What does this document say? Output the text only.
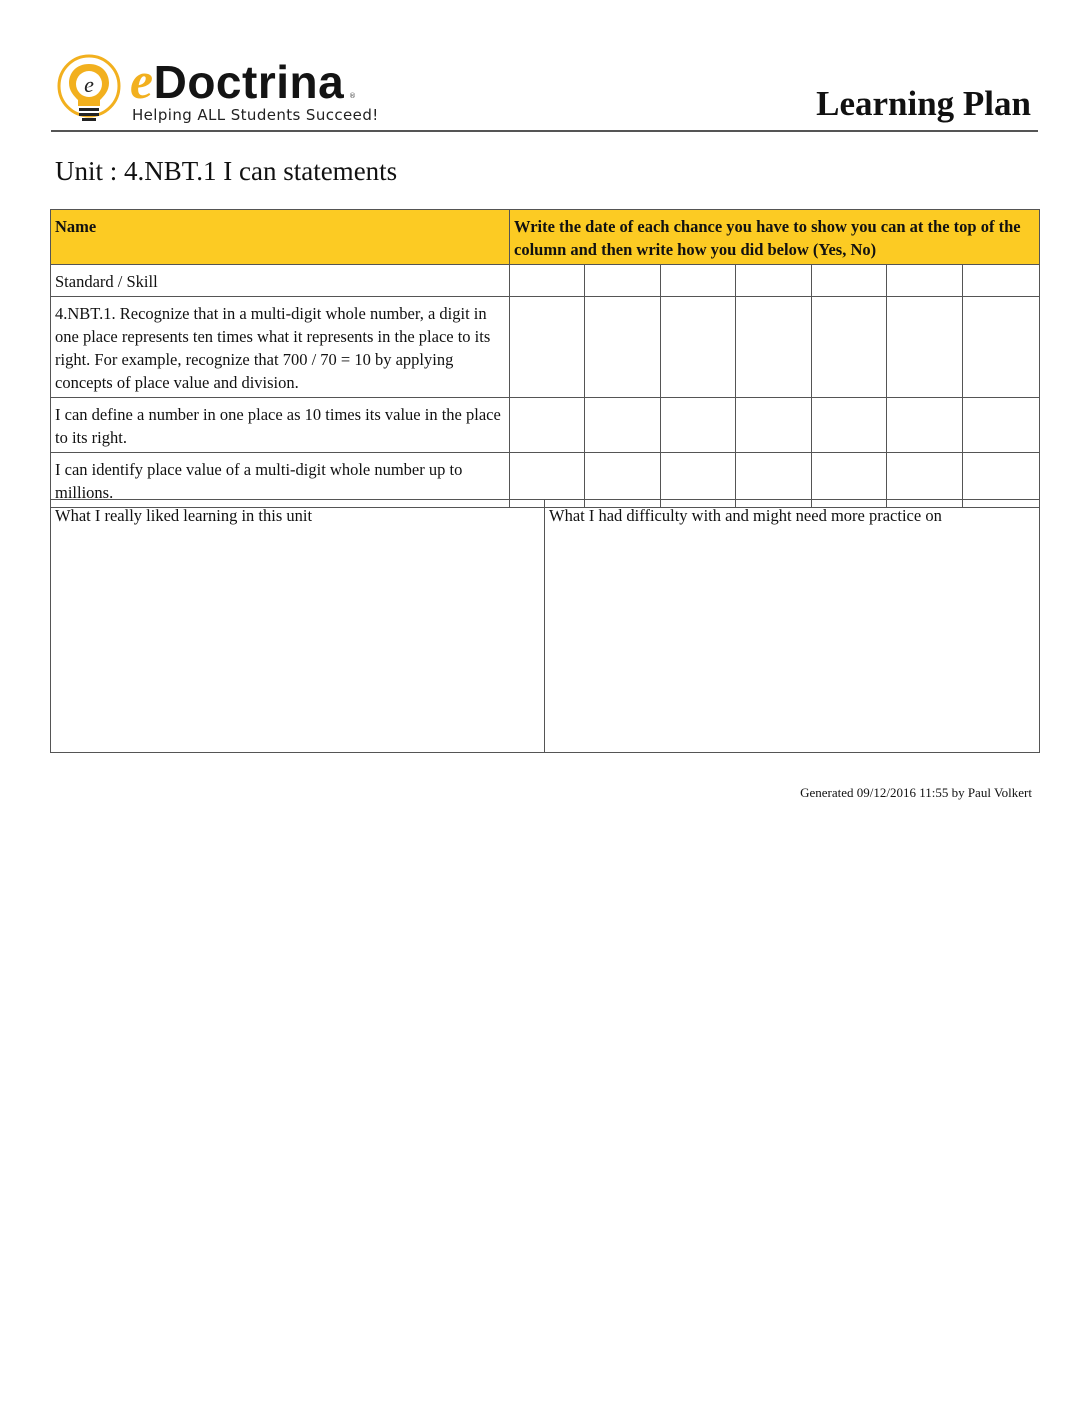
e eDoctrina ®
Helping ALL Students Succeed!	Learning Plan
Unit : 4.NBT.1 I can statements
Name	Write the date of each chance you have to show you can at the top of the column and then write how you did below (Yes, No)						
Standard / Skill							
4.NBT.1. Recognize that in a multi-digit whole number, a digit in one place represents ten times what it represents in the place to its right. For example, recognize that 700 / 70 = 10 by applying concepts of place value and division.							
I can define a number in one place as 10 times its value in the place to its right.							
I can identify place value of a multi-digit whole number up to millions.							
What I really liked learning in this unit	What I had difficulty with and might need more practice on
Generated 09/12/2016 11:55 by Paul Volkert
